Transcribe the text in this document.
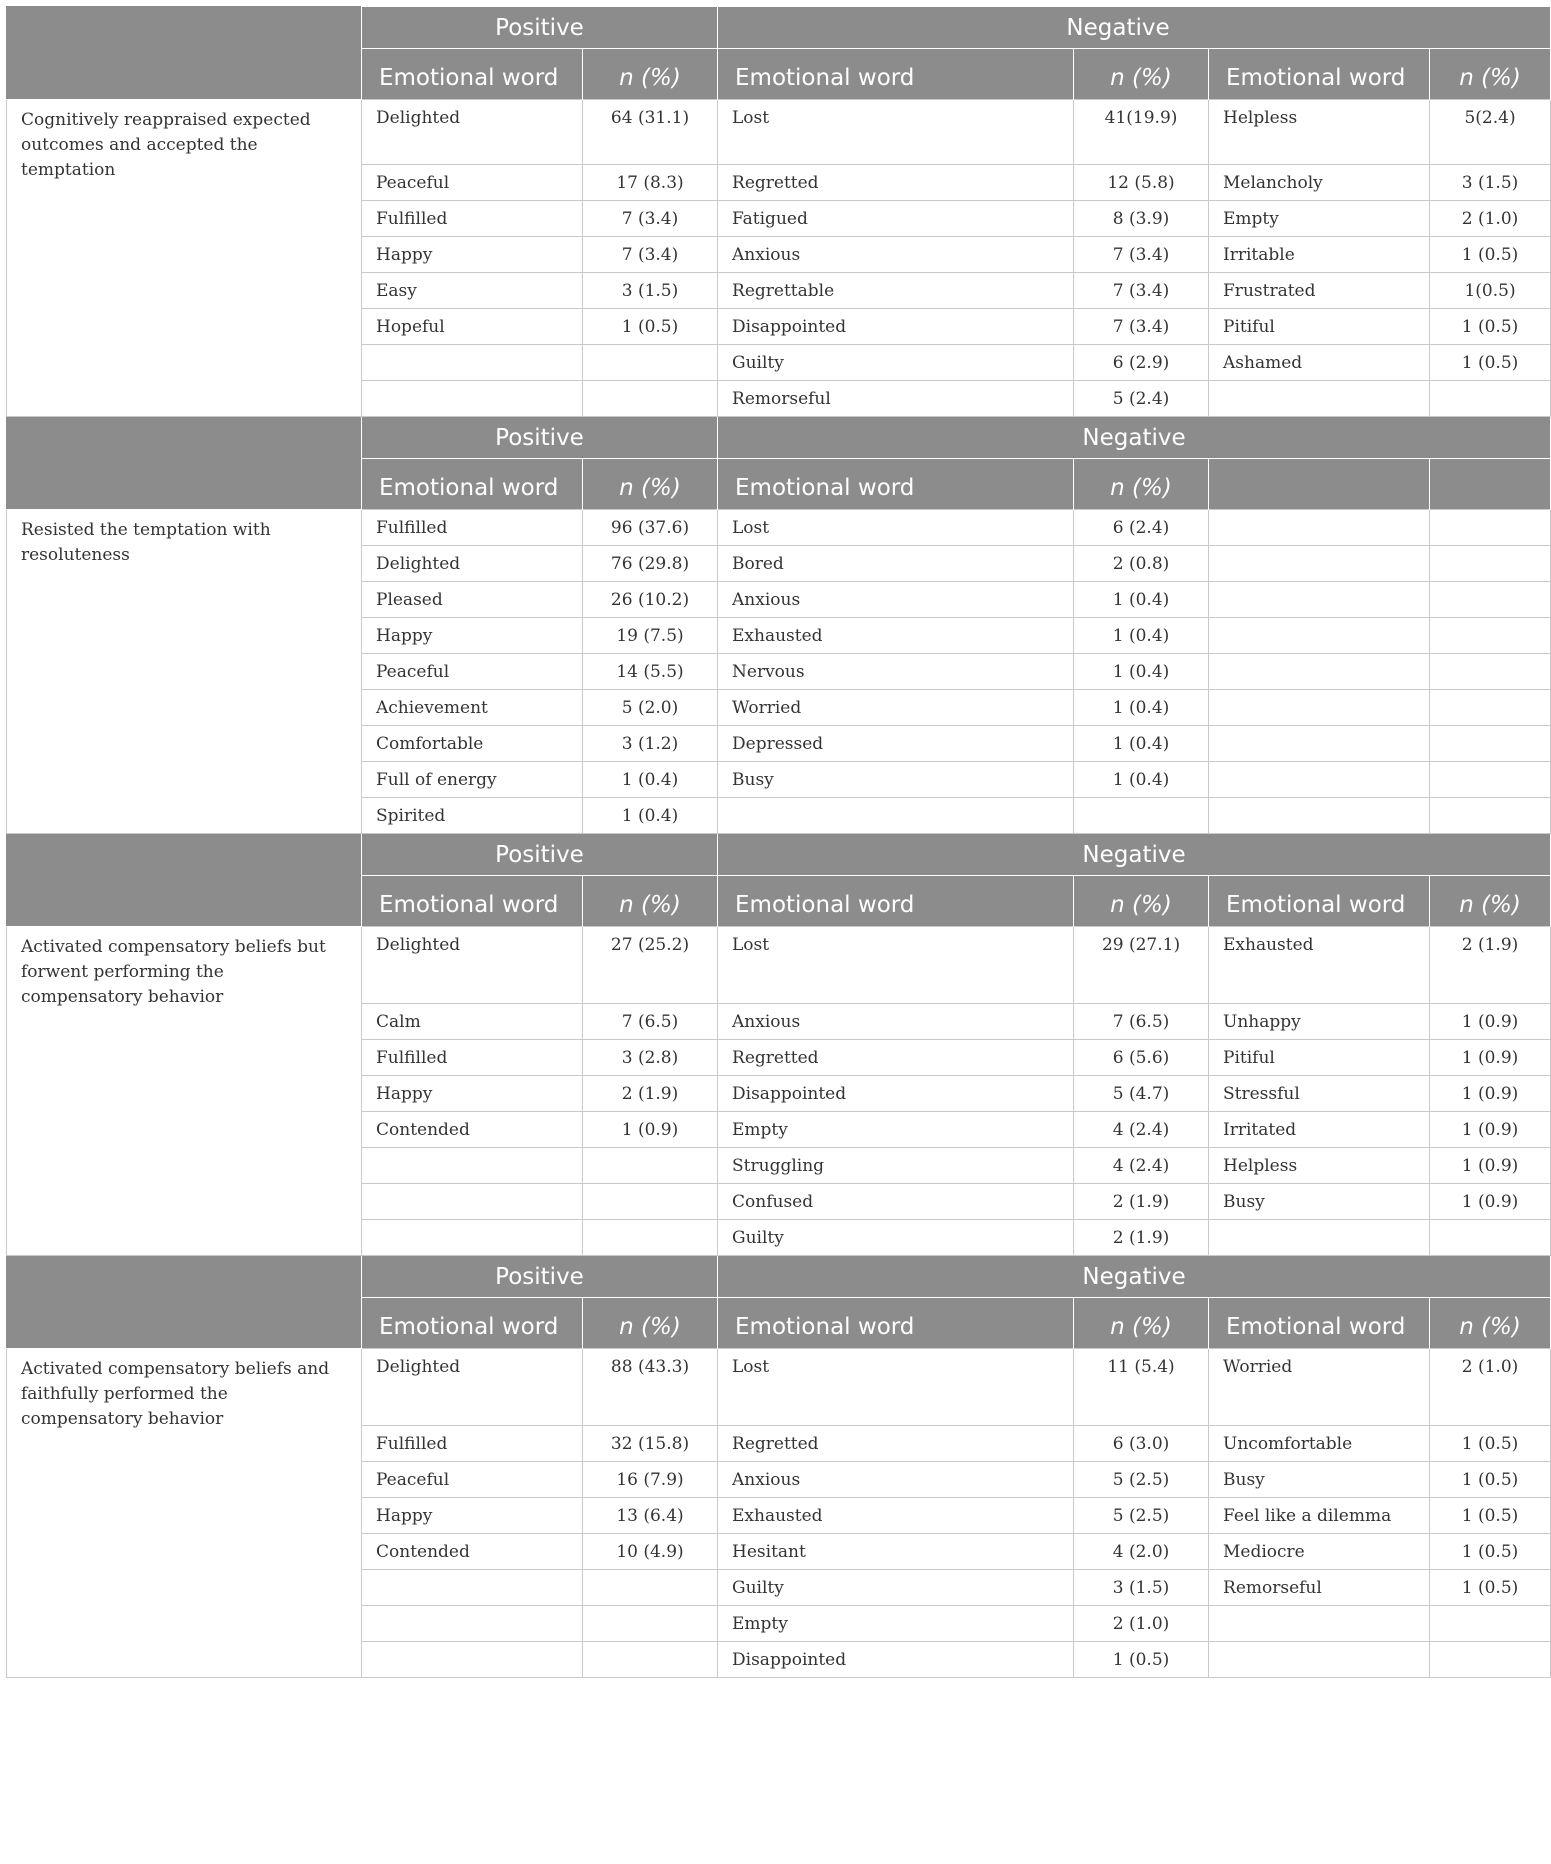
	Positive		Negative			
	Emotional word	n (%)	Emotional word	n (%)	Emotional word	n (%)
Cognitively reappraised expected outcomes and accepted the temptation	Delighted	64 (31.1)	Lost	41(19.9)	Helpless	5(2.4)
	Peaceful	17 (8.3)	Regretted	12 (5.8)	Melancholy	3 (1.5)
	Fulfilled	7 (3.4)	Fatigued	8 (3.9)	Empty	2 (1.0)
	Happy	7 (3.4)	Anxious	7 (3.4)	Irritable	1 (0.5)
	Easy	3 (1.5)	Regrettable	7 (3.4)	Frustrated	1(0.5)
	Hopeful	1 (0.5)	Disappointed	7 (3.4)	Pitiful	1 (0.5)
			Guilty	6 (2.9)	Ashamed	1 (0.5)
			Remorseful	5 (2.4)		
	Positive		Negative			
	Emotional word	n (%)	Emotional word	n (%)		
Resisted the temptation with resoluteness	Fulfilled	96 (37.6)	Lost	6 (2.4)		
	Delighted	76 (29.8)	Bored	2 (0.8)		
	Pleased	26 (10.2)	Anxious	1 (0.4)		
	Happy	19 (7.5)	Exhausted	1 (0.4)		
	Peaceful	14 (5.5)	Nervous	1 (0.4)		
	Achievement	5 (2.0)	Worried	1 (0.4)		
	Comfortable	3 (1.2)	Depressed	1 (0.4)		
	Full of energy	1 (0.4)	Busy	1 (0.4)		
	Spirited	1 (0.4)				
	Positive		Negative			
	Emotional word	n (%)	Emotional word	n (%)	Emotional word	n (%)
Activated compensatory beliefs but forwent performing the compensatory behavior	Delighted	27 (25.2)	Lost	29 (27.1)	Exhausted	2 (1.9)
	Calm	7 (6.5)	Anxious	7 (6.5)	Unhappy	1 (0.9)
	Fulfilled	3 (2.8)	Regretted	6 (5.6)	Pitiful	1 (0.9)
	Happy	2 (1.9)	Disappointed	5 (4.7)	Stressful	1 (0.9)
	Contended	1 (0.9)	Empty	4 (2.4)	Irritated	1 (0.9)
			Struggling	4 (2.4)	Helpless	1 (0.9)
			Confused	2 (1.9)	Busy	1 (0.9)
			Guilty	2 (1.9)		
	Positive		Negative			
	Emotional word	n (%)	Emotional word	n (%)	Emotional word	n (%)
Activated compensatory beliefs and faithfully performed the compensatory behavior	Delighted	88 (43.3)	Lost	11 (5.4)	Worried	2 (1.0)
	Fulfilled	32 (15.8)	Regretted	6 (3.0)	Uncomfortable	1 (0.5)
	Peaceful	16 (7.9)	Anxious	5 (2.5)	Busy	1 (0.5)
	Happy	13 (6.4)	Exhausted	5 (2.5)	Feel like a dilemma	1 (0.5)
	Contended	10 (4.9)	Hesitant	4 (2.0)	Mediocre	1 (0.5)
			Guilty	3 (1.5)	Remorseful	1 (0.5)
			Empty	2 (1.0)		
			Disappointed	1 (0.5)		
